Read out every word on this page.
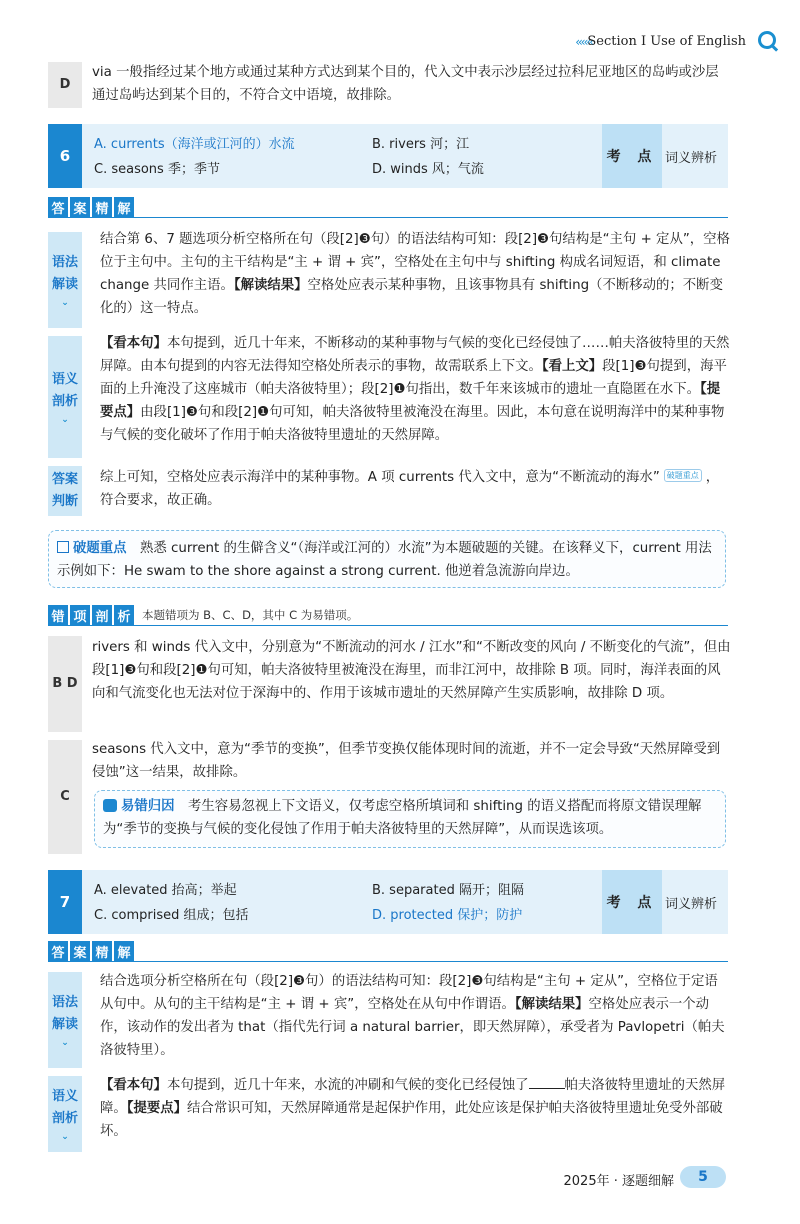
‹‹‹‹‹‹
Section I Use of English
D
via 一般指经过某个地方或通过某种方式达到某个目的，代入文中表示沙层经过拉科尼亚地区的岛屿或沙层通过岛屿达到某个目的，不符合文中语境，故排除。
6
A. currents（海洋或江河的）水流	B. rivers 河；江
C. seasons 季；季节	D. winds 风；气流
考 点 词义辨析
答 案 精 解
语法解读
⌄
结合第 6、7 题选项分析空格所在句（段[2]❸句）的语法结构可知：段[2]❸句结构是“主句 + 定从”，空格位于主句中。主句的主干结构是“主 + 谓 + 宾”，空格处在主句中与 shifting 构成名词短语，和 climate change 共同作主语。【解读结果】空格处应表示某种事物，且该事物具有 shifting（不断移动的；不断变化的）这一特点。
语义剖析
⌄
【看本句】本句提到，近几十年来，不断移动的某种事物与气候的变化已经侵蚀了……帕夫洛彼特里的天然屏障。由本句提到的内容无法得知空格处所表示的事物，故需联系上下文。【看上文】段[1]❸句提到，海平面的上升淹没了这座城市（帕夫洛彼特里）；段[2]❶句指出，数千年来该城市的遗址一直隐匿在水下。【提要点】由段[1]❸句和段[2]❶句可知，帕夫洛彼特里被淹没在海里。因此，本句意在说明海洋中的某种事物与气候的变化破坏了作用于帕夫洛彼特里遗址的天然屏障。
答案判断
综上可知，空格处应表示海洋中的某种事物。A 项 currents 代入文中，意为“不断流动的海水” 破题重点 ，符合要求，故正确。
破题重点　 熟悉 current 的生僻含义“（海洋或江河的）水流”为本题破题的关键。在该释义下，current 用法示例如下：He swam to the shore against a strong current. 他逆着急流游向岸边。
错 项 剖 析	本题错项为 B、C、D，其中 C 为易错项。
B D
rivers 和 winds 代入文中，分别意为“不断流动的河水 / 江水”和“不断改变的风向 / 不断变化的气流”，但由段[1]❸句和段[2]❶句可知，帕夫洛彼特里被淹没在海里，而非江河中，故排除 B 项。同时，海洋表面的风向和气流变化也无法对位于深海中的、作用于该城市遗址的天然屏障产生实质影响，故排除 D 项。
C
seasons 代入文中，意为“季节的变换”，但季节变换仅能体现时间的流逝，并不一定会导致“天然屏障受到侵蚀”这一结果，故排除。
易错归因　 考生容易忽视上下文语义，仅考虑空格所填词和 shifting 的语义搭配而将原文错误理解为“季节的变换与气候的变化侵蚀了作用于帕夫洛彼特里的天然屏障”，从而误选该项。
7
A. elevated 抬高；举起	B. separated 隔开；阻隔
C. comprised 组成；包括	D. protected 保护；防护
考 点 词义辨析
答 案 精 解
语法解读
⌄
结合选项分析空格所在句（段[2]❸句）的语法结构可知：段[2]❸句结构是“主句 + 定从”，空格位于定语从句中。从句的主干结构是“主 + 谓 + 宾”，空格处在从句中作谓语。【解读结果】空格处应表示一个动作，该动作的发出者为 that（指代先行词 a natural barrier，即天然屏障），承受者为 Pavlopetri（帕夫洛彼特里）。
语义剖析
⌄
【看本句】本句提到，近几十年来，水流的冲刷和气候的变化已经侵蚀了	帕夫洛彼特里遗址的天然屏障。【提要点】结合常识可知，天然屏障通常是起保护作用，此处应该是保护帕夫洛彼特里遗址免受外部破坏。
2025年 · 逐题细解	5
